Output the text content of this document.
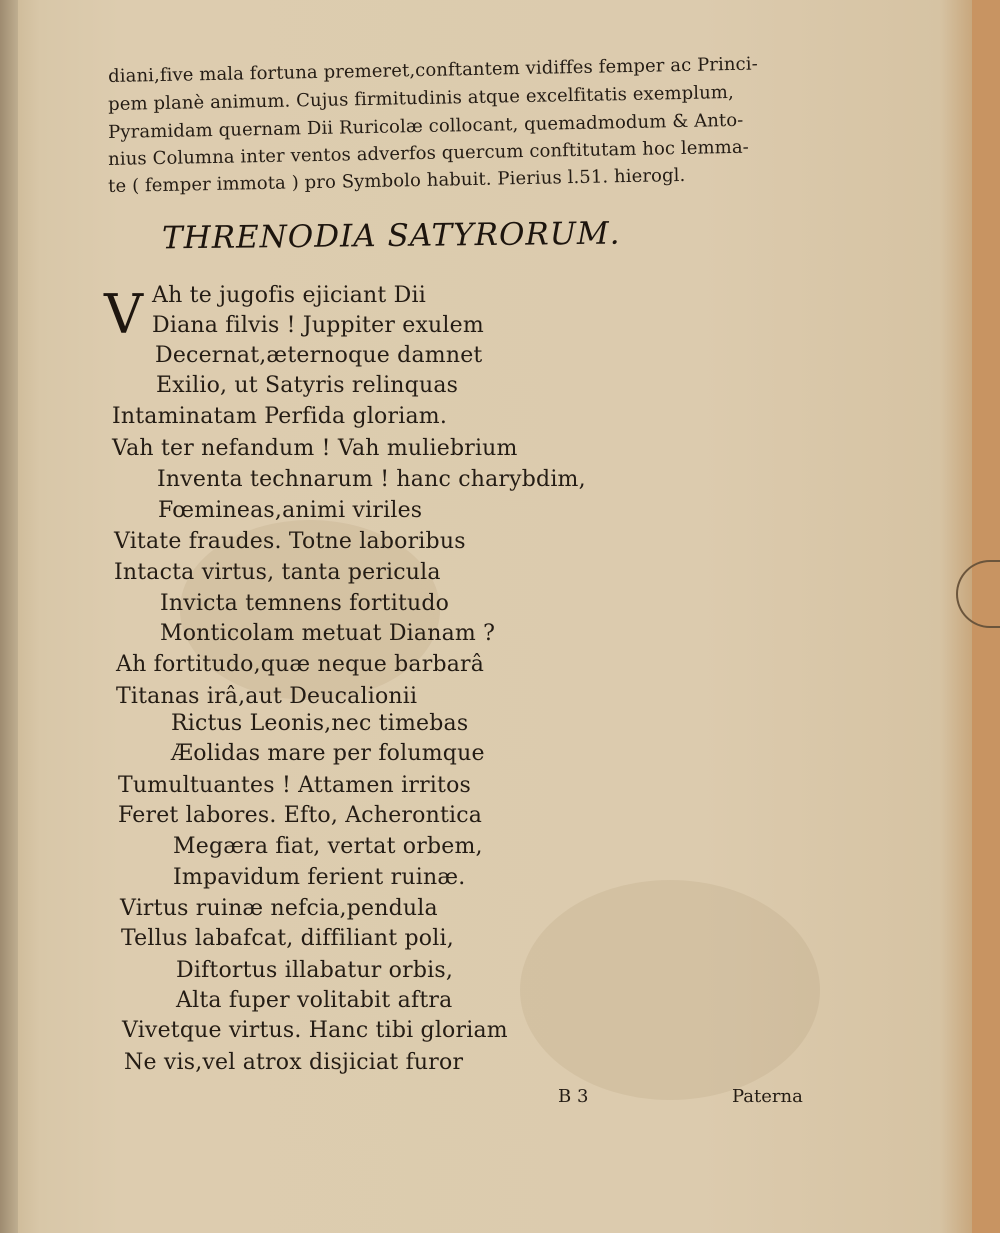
diani,five mala fortuna premeret,conftantem vidiffes femper ac Princi-
pem planè animum. Cujus firmitudinis atque excelfitatis exemplum,
Pyramidam quernam Dii Ruricolæ collocant, quemadmodum & Anto-
nius Columna inter ventos adverfos quercum conftitutam hoc lemma-
te ( femper immota ) pro Symbolo habuit. Pierius l.51. hierogl.
THRENODIA SATYRORUM.
V Ah te jugofis ejiciant Dii
Diana filvis ! Juppiter exulem
Decernat,æternoque damnet
Exilio, ut Satyris relinquas
Intaminatam Perfida gloriam.
Vah ter nefandum ! Vah muliebrium
Inventa technarum ! hanc charybdim,
Fœmineas,animi viriles
Vitate fraudes. Totne laboribus
Intacta virtus, tanta pericula
Invicta temnens fortitudo
Monticolam metuat Dianam ?
Ah fortitudo,quæ neque barbarâ
Titanas irâ,aut Deucalionii
Rictus Leonis,nec timebas
Æolidas mare per folumque
Tumultuantes ! Attamen irritos
Feret labores. Efto, Acherontica
Megæra fiat, vertat orbem,
Impavidum ferient ruinæ.
Virtus ruinæ nefcia,pendula
Tellus labafcat, diffiliant poli,
Diftortus illabatur orbis,
Alta fuper volitabit aftra
Vivetque virtus. Hanc tibi gloriam
Ne vis,vel atrox disjiciat furor
B 3	Paterna
